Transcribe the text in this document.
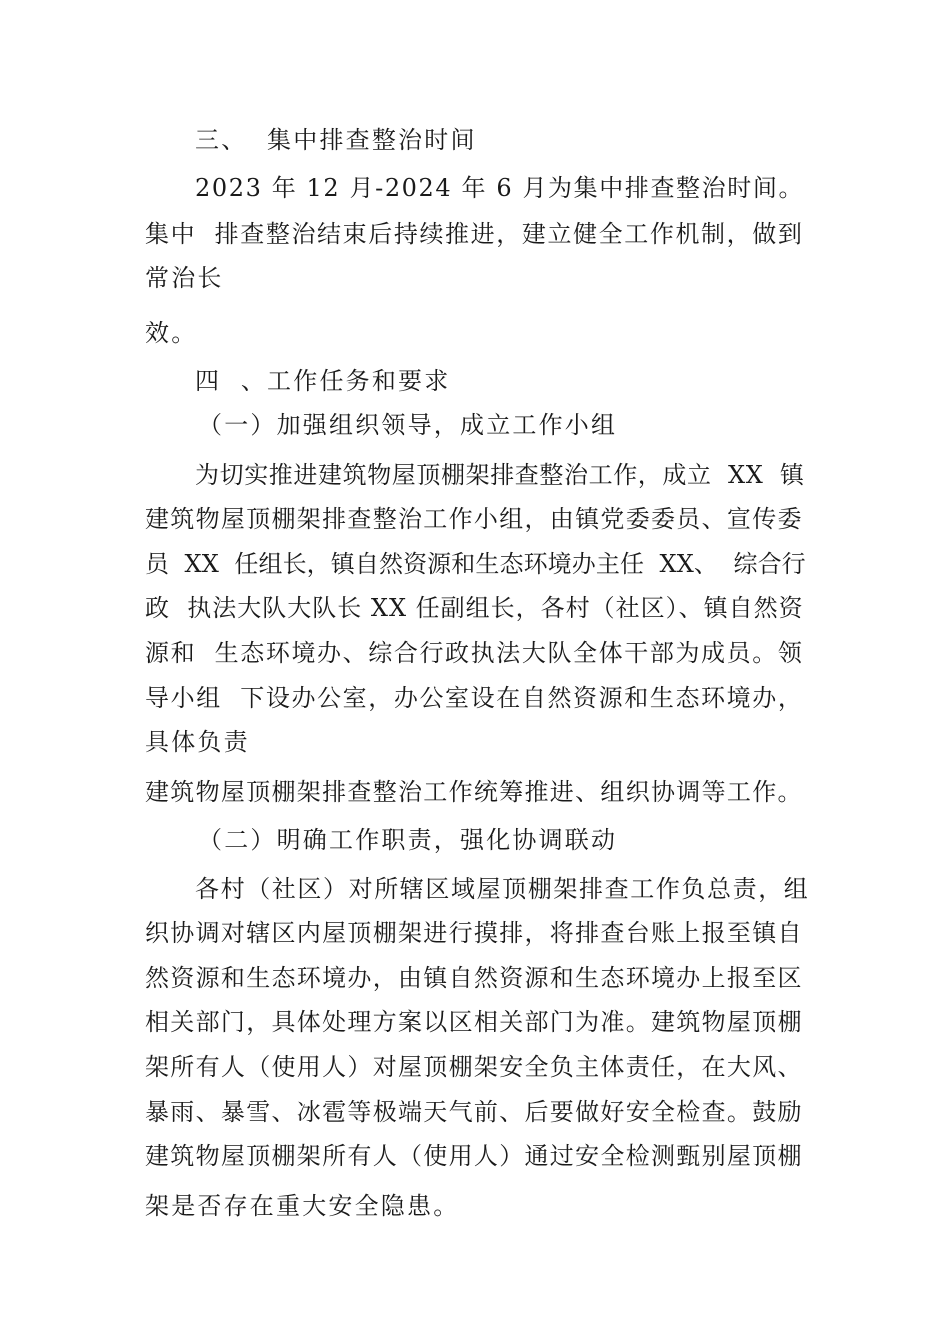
三、  集中排查整治时间
2023 年 12 月-2024 年 6 月为集中排查整治时间。
集中  排查整治结束后持续推进，建立健全工作机制，做到
常治长
效。
四  、工作任务和要求
（一）加强组织领导，成立工作小组
为切实推进建筑物屋顶棚架排查整治工作，成立  XX  镇
建筑物屋顶棚架排查整治工作小组，由镇党委委员、宣传委
员  XX  任组长，镇自然资源和生态环境办主任  XX、  综合行
政  执法大队大队长 XX 任副组长，各村（社区）、镇自然资
源和  生态环境办、综合行政执法大队全体干部为成员。领
导小组  下设办公室，办公室设在自然资源和生态环境办，
具体负责
建筑物屋顶棚架排查整治工作统筹推进、组织协调等工作。
（二）明确工作职责，强化协调联动
各村（社区）对所辖区域屋顶棚架排查工作负总责，组
织协调对辖区内屋顶棚架进行摸排，将排查台账上报至镇自
然资源和生态环境办，由镇自然资源和生态环境办上报至区
相关部门，具体处理方案以区相关部门为准。建筑物屋顶棚
架所有人（使用人）对屋顶棚架安全负主体责任，在大风、
暴雨、暴雪、冰雹等极端天气前、后要做好安全检查。鼓励
建筑物屋顶棚架所有人（使用人）通过安全检测甄别屋顶棚
架是否存在重大安全隐患。
